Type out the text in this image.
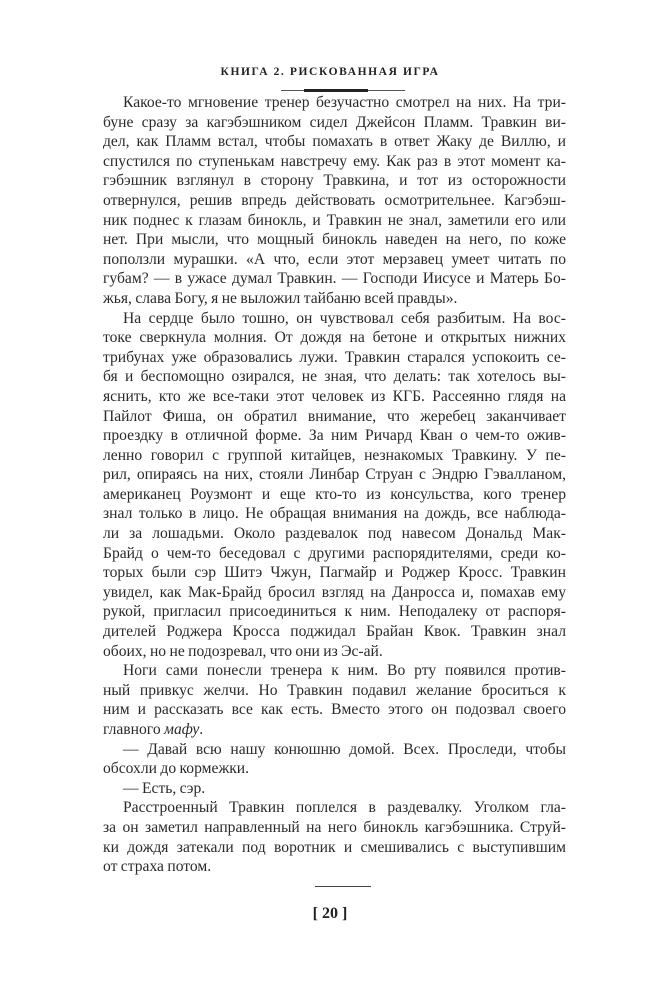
КНИГА 2. РИСКОВАННАЯ ИГРА
Какое-то мгновение тренер безучастно смотрел на них. На три-
буне сразу за кагэбэшником сидел Джейсон Пламм. Травкин ви-
дел, как Пламм встал, чтобы помахать в ответ Жаку де Виллю, и
спустился по ступенькам навстречу ему. Как раз в этот момент ка-
гэбэшник взглянул в сторону Травкина, и тот из осторожности
отвернулся, решив впредь действовать осмотрительнее. Кагэбэш-
ник поднес к глазам бинокль, и Травкин не знал, заметили его или
нет. При мысли, что мощный бинокль наведен на него, по коже
поползли мурашки. «А что, если этот мерзавец умеет читать по
губам? — в ужасе думал Травкин. — Господи Иисусе и Матерь Бо-
жья, слава Богу, я не выложил тайбаню всей правды».
На сердце было тошно, он чувствовал себя разбитым. На вос-
токе сверкнула молния. От дождя на бетоне и открытых нижних
трибунах уже образовались лужи. Травкин старался успокоить се-
бя и беспомощно озирался, не зная, что делать: так хотелось вы-
яснить, кто же все-таки этот человек из КГБ. Рассеянно глядя на
Пайлот Фиша, он обратил внимание, что жеребец заканчивает
проездку в отличной форме. За ним Ричард Кван о чем-то ожив-
ленно говорил с группой китайцев, незнакомых Травкину. У пе-
рил, опираясь на них, стояли Линбар Струан с Эндрю Гэвалланом,
американец Роузмонт и еще кто-то из консульства, кого тренер
знал только в лицо. Не обращая внимания на дождь, все наблюда-
ли за лошадьми. Около раздевалок под навесом Дональд Мак-
Брайд о чем-то беседовал с другими распорядителями, среди ко-
торых были сэр Шитэ Чжун, Пагмайр и Роджер Кросс. Травкин
увидел, как Мак-Брайд бросил взгляд на Данросса и, помахав ему
рукой, пригласил присоединиться к ним. Неподалеку от распоря-
дителей Роджера Кросса поджидал Брайан Квок. Травкин знал
обоих, но не подозревал, что они из Эс-ай.
Ноги сами понесли тренера к ним. Во рту появился против-
ный привкус желчи. Но Травкин подавил желание броситься к
ним и рассказать все как есть. Вместо этого он подозвал своего
главного мафу.
— Давай всю нашу конюшню домой. Всех. Проследи, чтобы
обсохли до кормежки.
— Есть, сэр.
Расстроенный Травкин поплелся в раздевалку. Уголком гла-
за он заметил направленный на него бинокль кагэбэшника. Струй-
ки дождя затекали под воротник и смешивались с выступившим
от страха потом.
[ 20 ]
